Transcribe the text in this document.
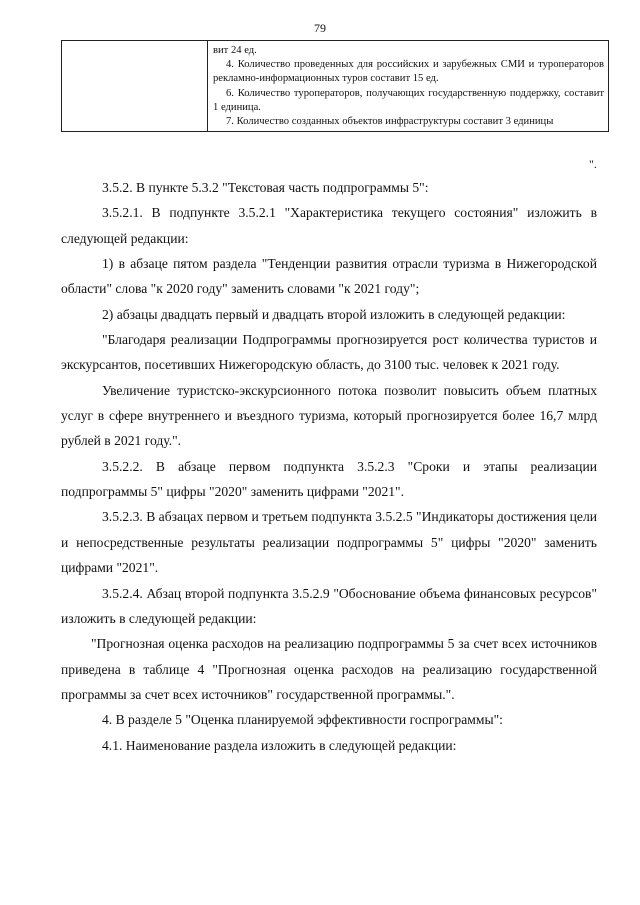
79

вит 24 ед.

4. Количество проведенных для российских и зарубежных СМИ и туроператоров рекламно-информационных туров составит 15 ед.

6. Количество туроператоров, получающих государственную поддержку, составит 1 единица.

7. Количество созданных объектов инфраструктуры составит 3 единицы

".

3.5.2. В пункте 5.3.2 "Текстовая часть подпрограммы 5":

3.5.2.1. В подпункте 3.5.2.1 "Характеристика текущего состояния" изложить в следующей редакции:

1) в абзаце пятом раздела "Тенденции развития отрасли туризма в Нижегородской области" слова "к 2020 году" заменить словами "к 2021 году";

2) абзацы двадцать первый и двадцать второй изложить в следующей редакции:

"Благодаря реализации Подпрограммы прогнозируется рост количества туристов и экскурсантов, посетивших Нижегородскую область, до 3100 тыс. человек к 2021 году.

Увеличение туристско-экскурсионного потока позволит повысить объем платных услуг в сфере внутреннего и въездного туризма, который прогнозируется более 16,7 млрд рублей в 2021 году.".

3.5.2.2. В абзаце первом подпункта 3.5.2.3 "Сроки и этапы реализации подпрограммы 5" цифры "2020" заменить цифрами "2021".

3.5.2.3. В абзацах первом и третьем подпункта 3.5.2.5 "Индикаторы достижения цели и непосредственные результаты реализации подпрограммы 5" цифры "2020" заменить цифрами "2021".

3.5.2.4. Абзац второй подпункта 3.5.2.9 "Обоснование объема финансовых ресурсов" изложить в следующей редакции:

"Прогнозная оценка расходов на реализацию подпрограммы 5 за счет всех источников приведена в таблице 4 "Прогнозная оценка расходов на реализацию государственной программы за счет всех источников" государственной программы.".

4. В разделе 5 "Оценка планируемой эффективности госпрограммы":

4.1. Наименование раздела изложить в следующей редакции:
